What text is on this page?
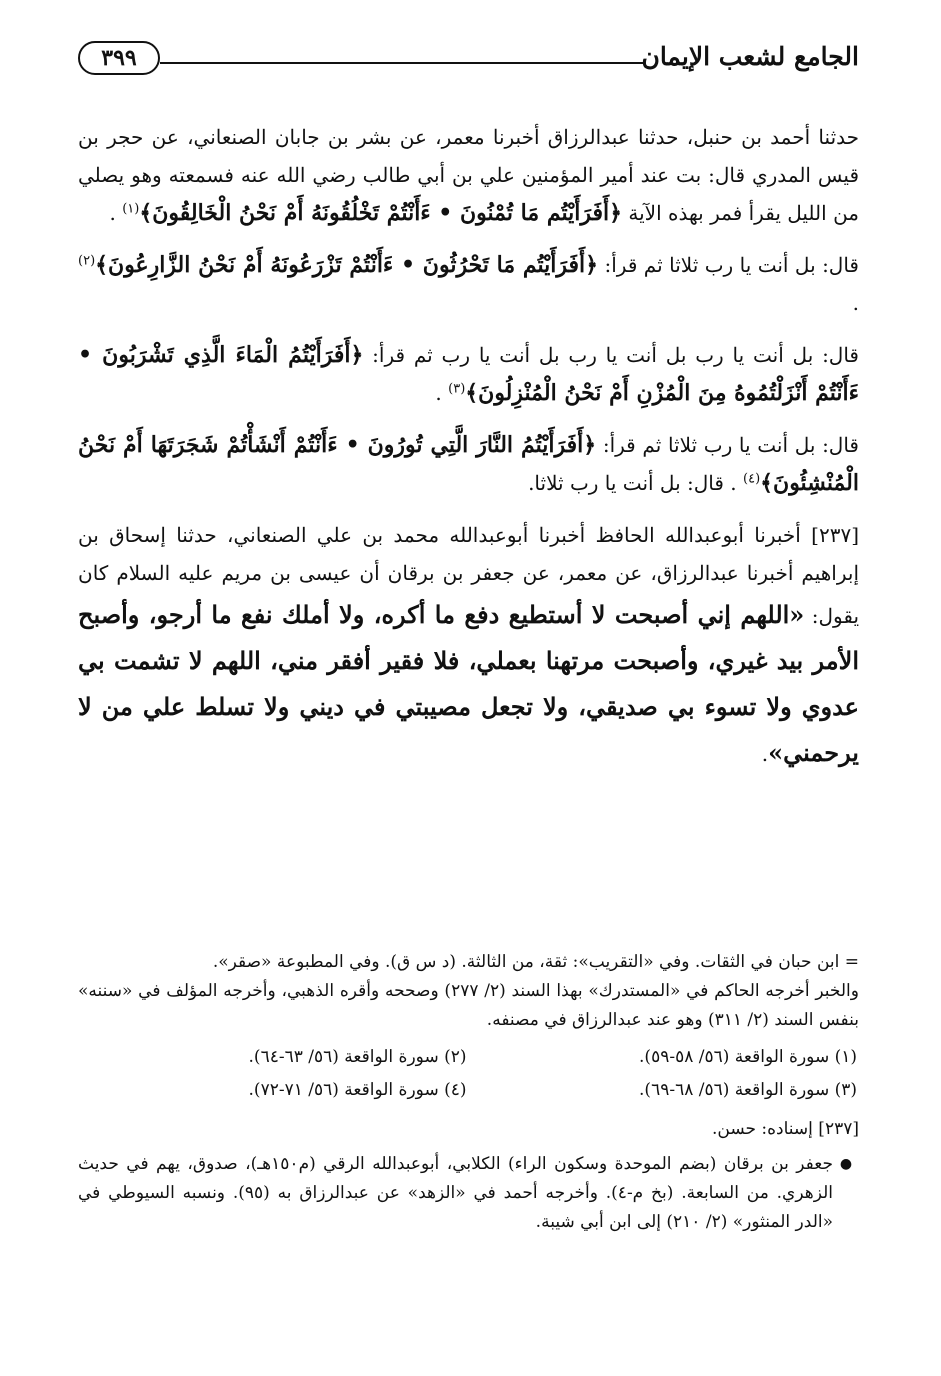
الجامع لشعب الإيمان
٣٩٩

حدثنا أحمد بن حنبل، حدثنا عبدالرزاق أخبرنا معمر، عن بشر بن جابان الصنعاني، عن حجر بن قيس المدري قال: بت عند أمير المؤمنين علي بن أبي طالب رضي الله عنه فسمعته وهو يصلي من الليل يقرأ فمر بهذه الآية ﴿أَفَرَأَيْتُم مَا تُمْنُونَ • ءَأَنْتُمْ تَخْلُقُونَهُ أَمْ نَحْنُ الْخَالِقُونَ﴾$^{(١)}$ .

قال: بل أنت يا رب ثلاثا ثم قرأ: ﴿أَفَرَأَيْتُم مَا تَحْرُثُونَ • ءَأَنْتُمْ تَزْرَعُونَهُ أَمْ نَحْنُ الزَّارِعُونَ﴾$^{(٢)}$ .

قال: بل أنت يا رب بل أنت يا رب بل أنت يا رب ثم قرأ: ﴿أَفَرَأَيْتُمُ الْمَاءَ الَّذِي تَشْرَبُونَ • ءَأَنْتُمْ أَنْزَلْتُمُوهُ مِنَ الْمُزْنِ أَمْ نَحْنُ الْمُنْزِلُونَ﴾$^{(٣)}$ .

قال: بل أنت يا رب ثلاثا ثم قرأ: ﴿أَفَرَأَيْتُمُ النَّارَ الَّتِي تُورُونَ • ءَأَنْتُمْ أَنْشَأْتُمْ شَجَرَتَهَا أَمْ نَحْنُ الْمُنْشِئُونَ﴾$^{(٤)}$ . قال: بل أنت يا رب ثلاثا.

[٢٣٧] أخبرنا أبوعبدالله الحافظ أخبرنا أبوعبدالله محمد بن علي الصنعاني، حدثنا إسحاق بن إبراهيم أخبرنا عبدالرزاق، عن معمر، عن جعفر بن برقان أن عيسى بن مريم عليه السلام كان يقول: «اللهم إني أصبحت لا أستطيع دفع ما أكره، ولا أملك نفع ما أرجو، وأصبح الأمر بيد غيري، وأصبحت مرتهنا بعملي، فلا فقير أفقر مني، اللهم لا تشمت بي عدوي ولا تسوء بي صديقي، ولا تجعل مصيبتي في ديني ولا تسلط علي من لا يرحمني».

= ابن حبان في الثقات. وفي «التقريب»: ثقة، من الثالثة. (د س ق). وفي المطبوعة «صقر».

والخبر أخرجه الحاكم في «المستدرك» بهذا السند (٢/ ٢٧٧) وصححه وأقره الذهبي، وأخرجه المؤلف في «سننه» بنفس السند (٢/ ٣١١) وهو عند عبدالرزاق في مصنفه.

(١) سورة الواقعة (٥٦/ ٥٨-٥٩).
(٢) سورة الواقعة (٥٦/ ٦٣-٦٤).
(٣) سورة الواقعة (٥٦/ ٦٨-٦٩).
(٤) سورة الواقعة (٥٦/ ٧١-٧٢).

[٢٣٧] إسناده: حسن.

●
جعفر بن برقان (بضم الموحدة وسكون الراء) الكلابي، أبوعبدالله الرقي (م١٥٠هـ)، صدوق، يهم في حديث الزهري. من السابعة. (بخ م-٤). وأخرجه أحمد في «الزهد» عن عبدالرزاق به (٩٥). ونسبه السيوطي في «الدر المنثور» (٢/ ٢١٠) إلى ابن أبي شيبة.
